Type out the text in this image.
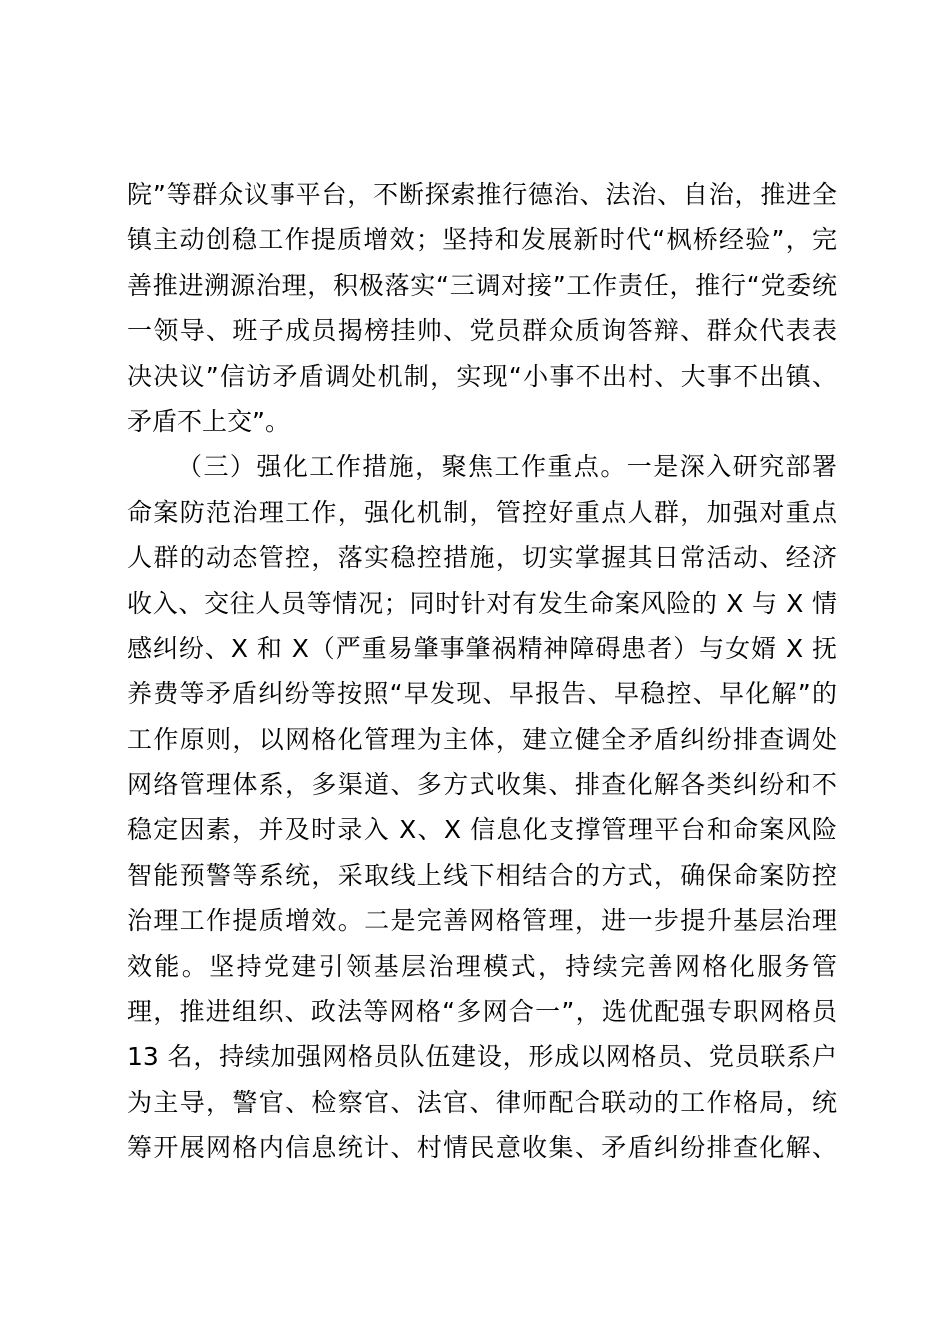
院”等群众议事平台，不断探索推行德治、法治、自治，推进全
镇主动创稳工作提质增效；坚持和发展新时代“枫桥经验”，完
善推进溯源治理，积极落实“三调对接”工作责任，推行“党委统
一领导、班子成员揭榜挂帅、党员群众质询答辩、群众代表表
决决议”信访矛盾调处机制，实现“小事不出村、大事不出镇、
矛盾不上交”。
（三）强化工作措施，聚焦工作重点。一是深入研究部署
命案防范治理工作，强化机制，管控好重点人群，加强对重点
人群的动态管控，落实稳控措施，切实掌握其日常活动、经济
收入、交往人员等情况；同时针对有发生命案风险的 X 与 X 情
感纠纷、X 和 X（严重易肇事肇祸精神障碍患者）与女婿 X 抚
养费等矛盾纠纷等按照“早发现、早报告、早稳控、早化解”的
工作原则，以网格化管理为主体，建立健全矛盾纠纷排查调处
网络管理体系，多渠道、多方式收集、排查化解各类纠纷和不
稳定因素，并及时录入 X、X 信息化支撑管理平台和命案风险
智能预警等系统，采取线上线下相结合的方式，确保命案防控
治理工作提质增效。二是完善网格管理，进一步提升基层治理
效能。坚持党建引领基层治理模式，持续完善网格化服务管
理，推进组织、政法等网格“多网合一”，选优配强专职网格员
13 名，持续加强网格员队伍建设，形成以网格员、党员联系户
为主导，警官、检察官、法官、律师配合联动的工作格局，统
筹开展网格内信息统计、村情民意收集、矛盾纠纷排查化解、
